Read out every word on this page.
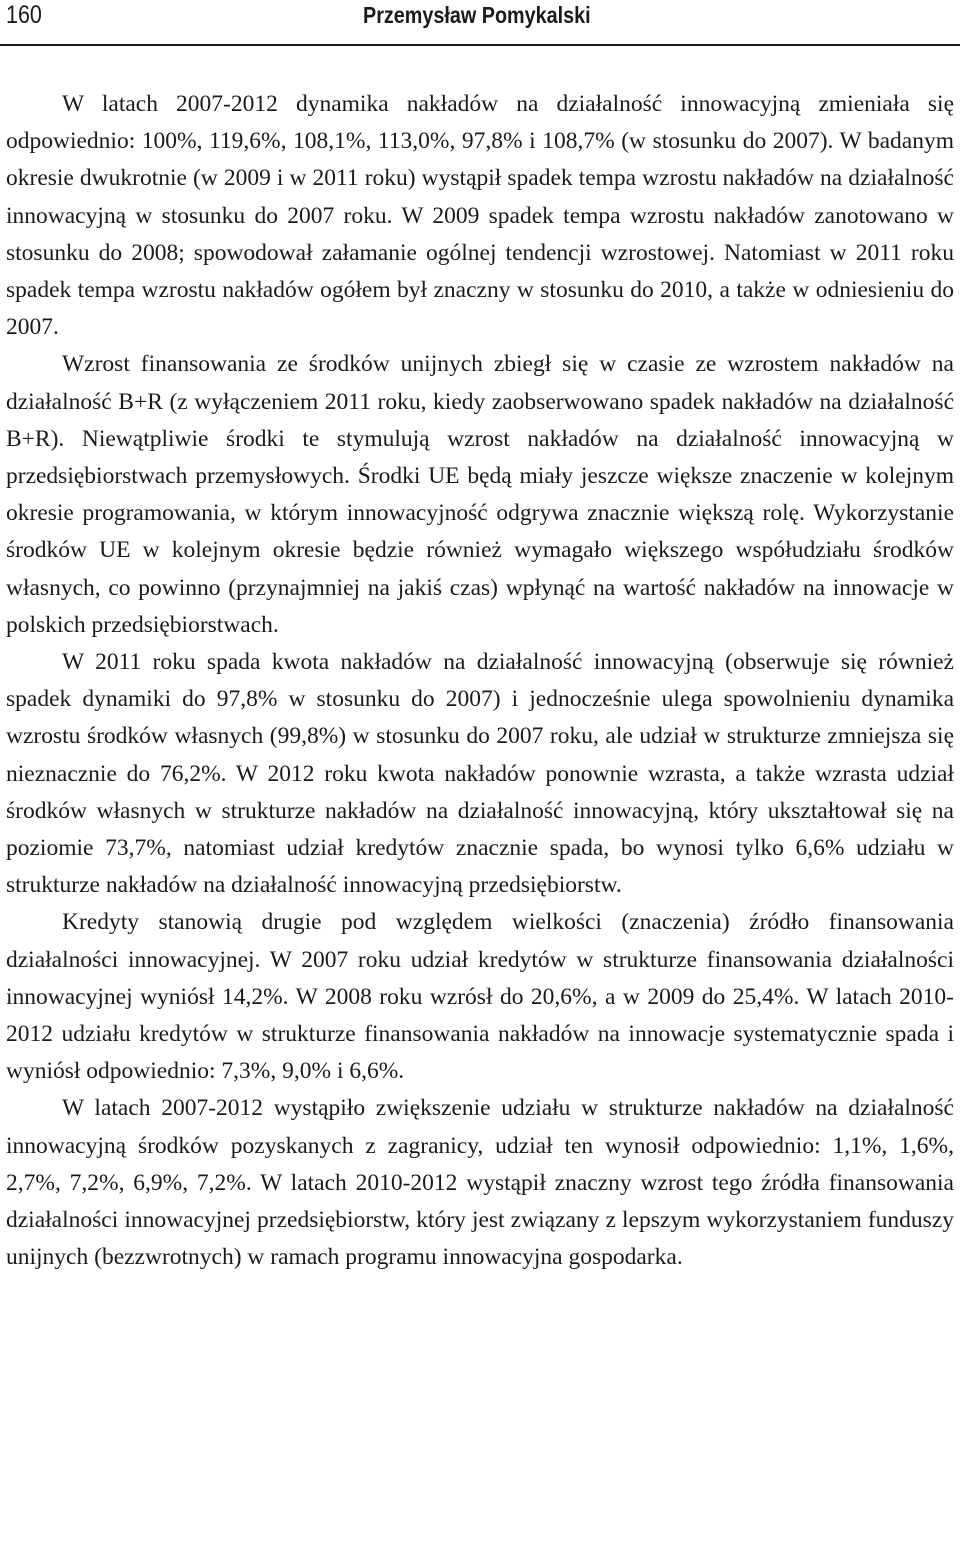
160	Przemysław Pomykalski

W latach 2007-2012 dynamika nakładów na działalność innowacyjną zmieniała się odpowiednio: 100%, 119,6%, 108,1%, 113,0%, 97,8% i 108,7% (w stosunku do 2007). W badanym okresie dwukrotnie (w 2009 i w 2011 roku) wystąpił spadek tempa wzrostu nakładów na działalność innowacyjną w stosunku do 2007 roku. W 2009 spadek tempa wzrostu nakładów zanotowano w stosunku do 2008; spowodował załamanie ogólnej tendencji wzrostowej. Natomiast w 2011 roku spadek tempa wzrostu nakładów ogółem był znaczny w stosunku do 2010, a także w odniesieniu do 2007.

Wzrost finansowania ze środków unijnych zbiegł się w czasie ze wzrostem nakładów na działalność B+R (z wyłączeniem 2011 roku, kiedy zaobserwowano spadek nakładów na działalność B+R). Niewątpliwie środki te stymulują wzrost nakładów na działalność innowacyjną w przedsiębiorstwach przemysłowych. Środki UE będą miały jeszcze większe znaczenie w kolejnym okresie programowania, w którym innowacyjność odgrywa znacznie większą rolę. Wykorzystanie środków UE w kolejnym okresie będzie również wymagało większego współudziału środków własnych, co powinno (przynajmniej na jakiś czas) wpłynąć na wartość nakładów na innowacje w polskich przedsiębiorstwach.

W 2011 roku spada kwota nakładów na działalność innowacyjną (obserwuje się również spadek dynamiki do 97,8% w stosunku do 2007) i jednocześnie ulega spowolnieniu dynamika wzrostu środków własnych (99,8%) w stosunku do 2007 roku, ale udział w strukturze zmniejsza się nieznacznie do 76,2%. W 2012 roku kwota nakładów ponownie wzrasta, a także wzrasta udział środków własnych w strukturze nakładów na działalność innowacyjną, który ukształtował się na poziomie 73,7%, natomiast udział kredytów znacznie spada, bo wynosi tylko 6,6% udziału w strukturze nakładów na działalność innowacyjną przedsiębiorstw.

Kredyty stanowią drugie pod względem wielkości (znaczenia) źródło finansowania działalności innowacyjnej. W 2007 roku udział kredytów w strukturze finansowania działalności innowacyjnej wyniósł 14,2%. W 2008 roku wzrósł do 20,6%, a w 2009 do 25,4%. W latach 2010-2012 udziału kredytów w strukturze finansowania nakładów na innowacje systematycznie spada i wyniósł odpowiednio: 7,3%, 9,0% i 6,6%.

W latach 2007-2012 wystąpiło zwiększenie udziału w strukturze nakładów na działalność innowacyjną środków pozyskanych z zagranicy, udział ten wynosił odpowiednio: 1,1%, 1,6%, 2,7%, 7,2%, 6,9%, 7,2%. W latach 2010-2012 wystąpił znaczny wzrost tego źródła finansowania działalności innowacyjnej przedsiębiorstw, który jest związany z lepszym wykorzystaniem funduszy unijnych (bezzwrotnych) w ramach programu innowacyjna gospodarka.
